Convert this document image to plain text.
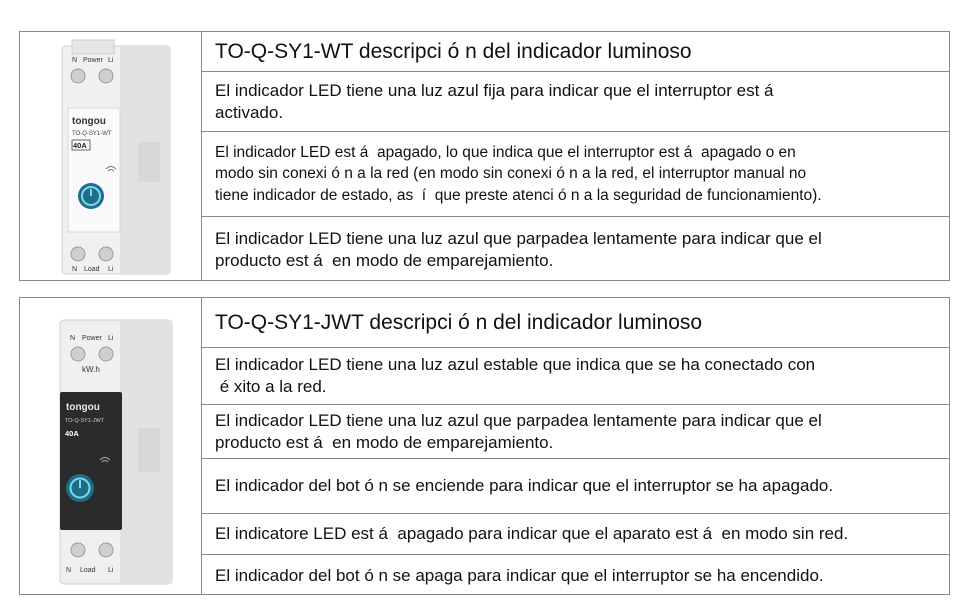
N Power Li
tongou
TO-Q-SY1-WT
40A
N Load Li
TO-Q-SY1-WT descripci ó n del indicador luminoso
El indicador LED tiene una luz azul fija para indicar que el interruptor est á
activado.
El indicador LED est á  apagado, lo que indica que el interruptor est á  apagado o en
modo sin conexi ó n a la red (en modo sin conexi ó n a la red, el interruptor manual no
tiene indicador de estado, as  í  que preste atenci ó n a la seguridad de funcionamiento).
El indicador LED tiene una luz azul que parpadea lentamente para indicar que el
producto est á  en modo de emparejamiento.
N Power Li
kW.h
tongou
TO-Q-SY1-JWT
40A
N Load Li
TO-Q-SY1-JWT descripci ó n del indicador luminoso
El indicador LED tiene una luz azul estable que indica que se ha conectado con
é xito a la red.
El indicador LED tiene una luz azul que parpadea lentamente para indicar que el
producto est á  en modo de emparejamiento.
El indicador del bot ó n se enciende para indicar que el interruptor se ha apagado.
El indicatore LED est á  apagado para indicar que el aparato est á  en modo sin red.
El indicador del bot ó n se apaga para indicar que el interruptor se ha encendido.
